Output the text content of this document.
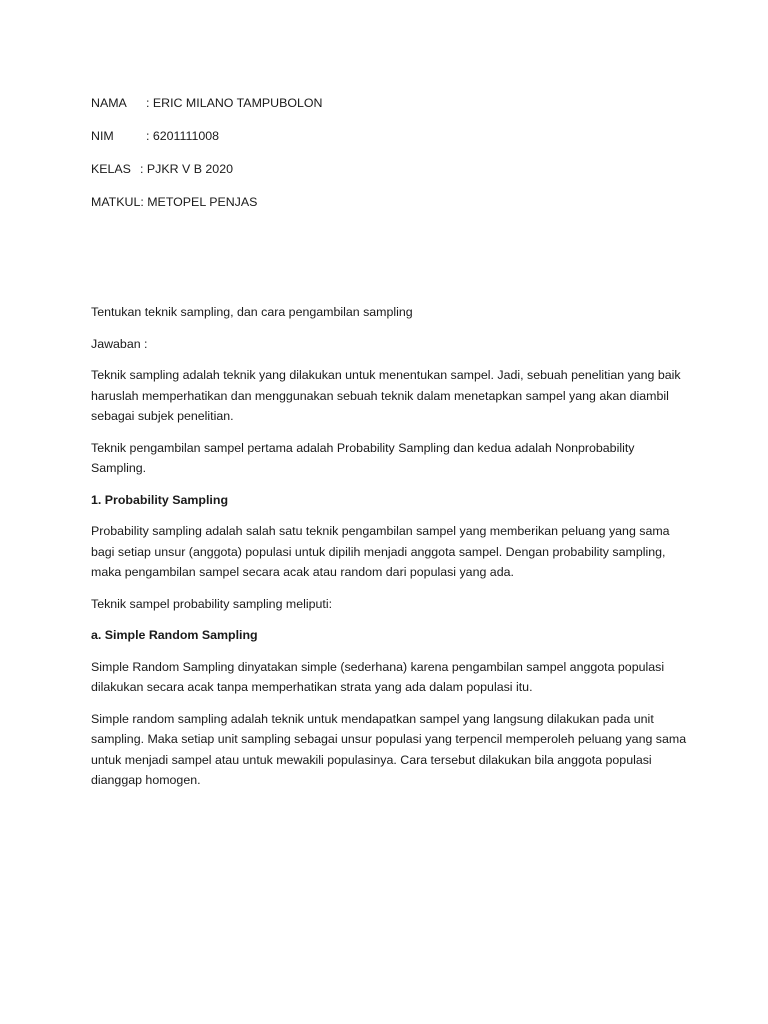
NAMA	: ERIC MILANO TAMPUBOLON
NIM	: 6201111008
KELAS : PJKR V B 2020
MATKUL : METOPEL PENJAS

Tentukan teknik sampling, dan cara pengambilan sampling

Jawaban :

Teknik sampling adalah teknik yang dilakukan untuk menentukan sampel. Jadi, sebuah penelitian yang baik haruslah memperhatikan dan menggunakan sebuah teknik dalam menetapkan sampel yang akan diambil sebagai subjek penelitian.

Teknik pengambilan sampel pertama adalah Probability Sampling dan kedua adalah Nonprobability Sampling.

1. Probability Sampling

Probability sampling adalah salah satu teknik pengambilan sampel yang memberikan peluang yang sama bagi setiap unsur (anggota) populasi untuk dipilih menjadi anggota sampel. Dengan probability sampling, maka pengambilan sampel secara acak atau random dari populasi yang ada.

Teknik sampel probability sampling meliputi:

a. Simple Random Sampling

Simple Random Sampling dinyatakan simple (sederhana) karena pengambilan sampel anggota populasi dilakukan secara acak tanpa memperhatikan strata yang ada dalam populasi itu.

Simple random sampling adalah teknik untuk mendapatkan sampel yang langsung dilakukan pada unit sampling. Maka setiap unit sampling sebagai unsur populasi yang terpencil memperoleh peluang yang sama untuk menjadi sampel atau untuk mewakili populasinya. Cara tersebut dilakukan bila anggota populasi dianggap homogen.
